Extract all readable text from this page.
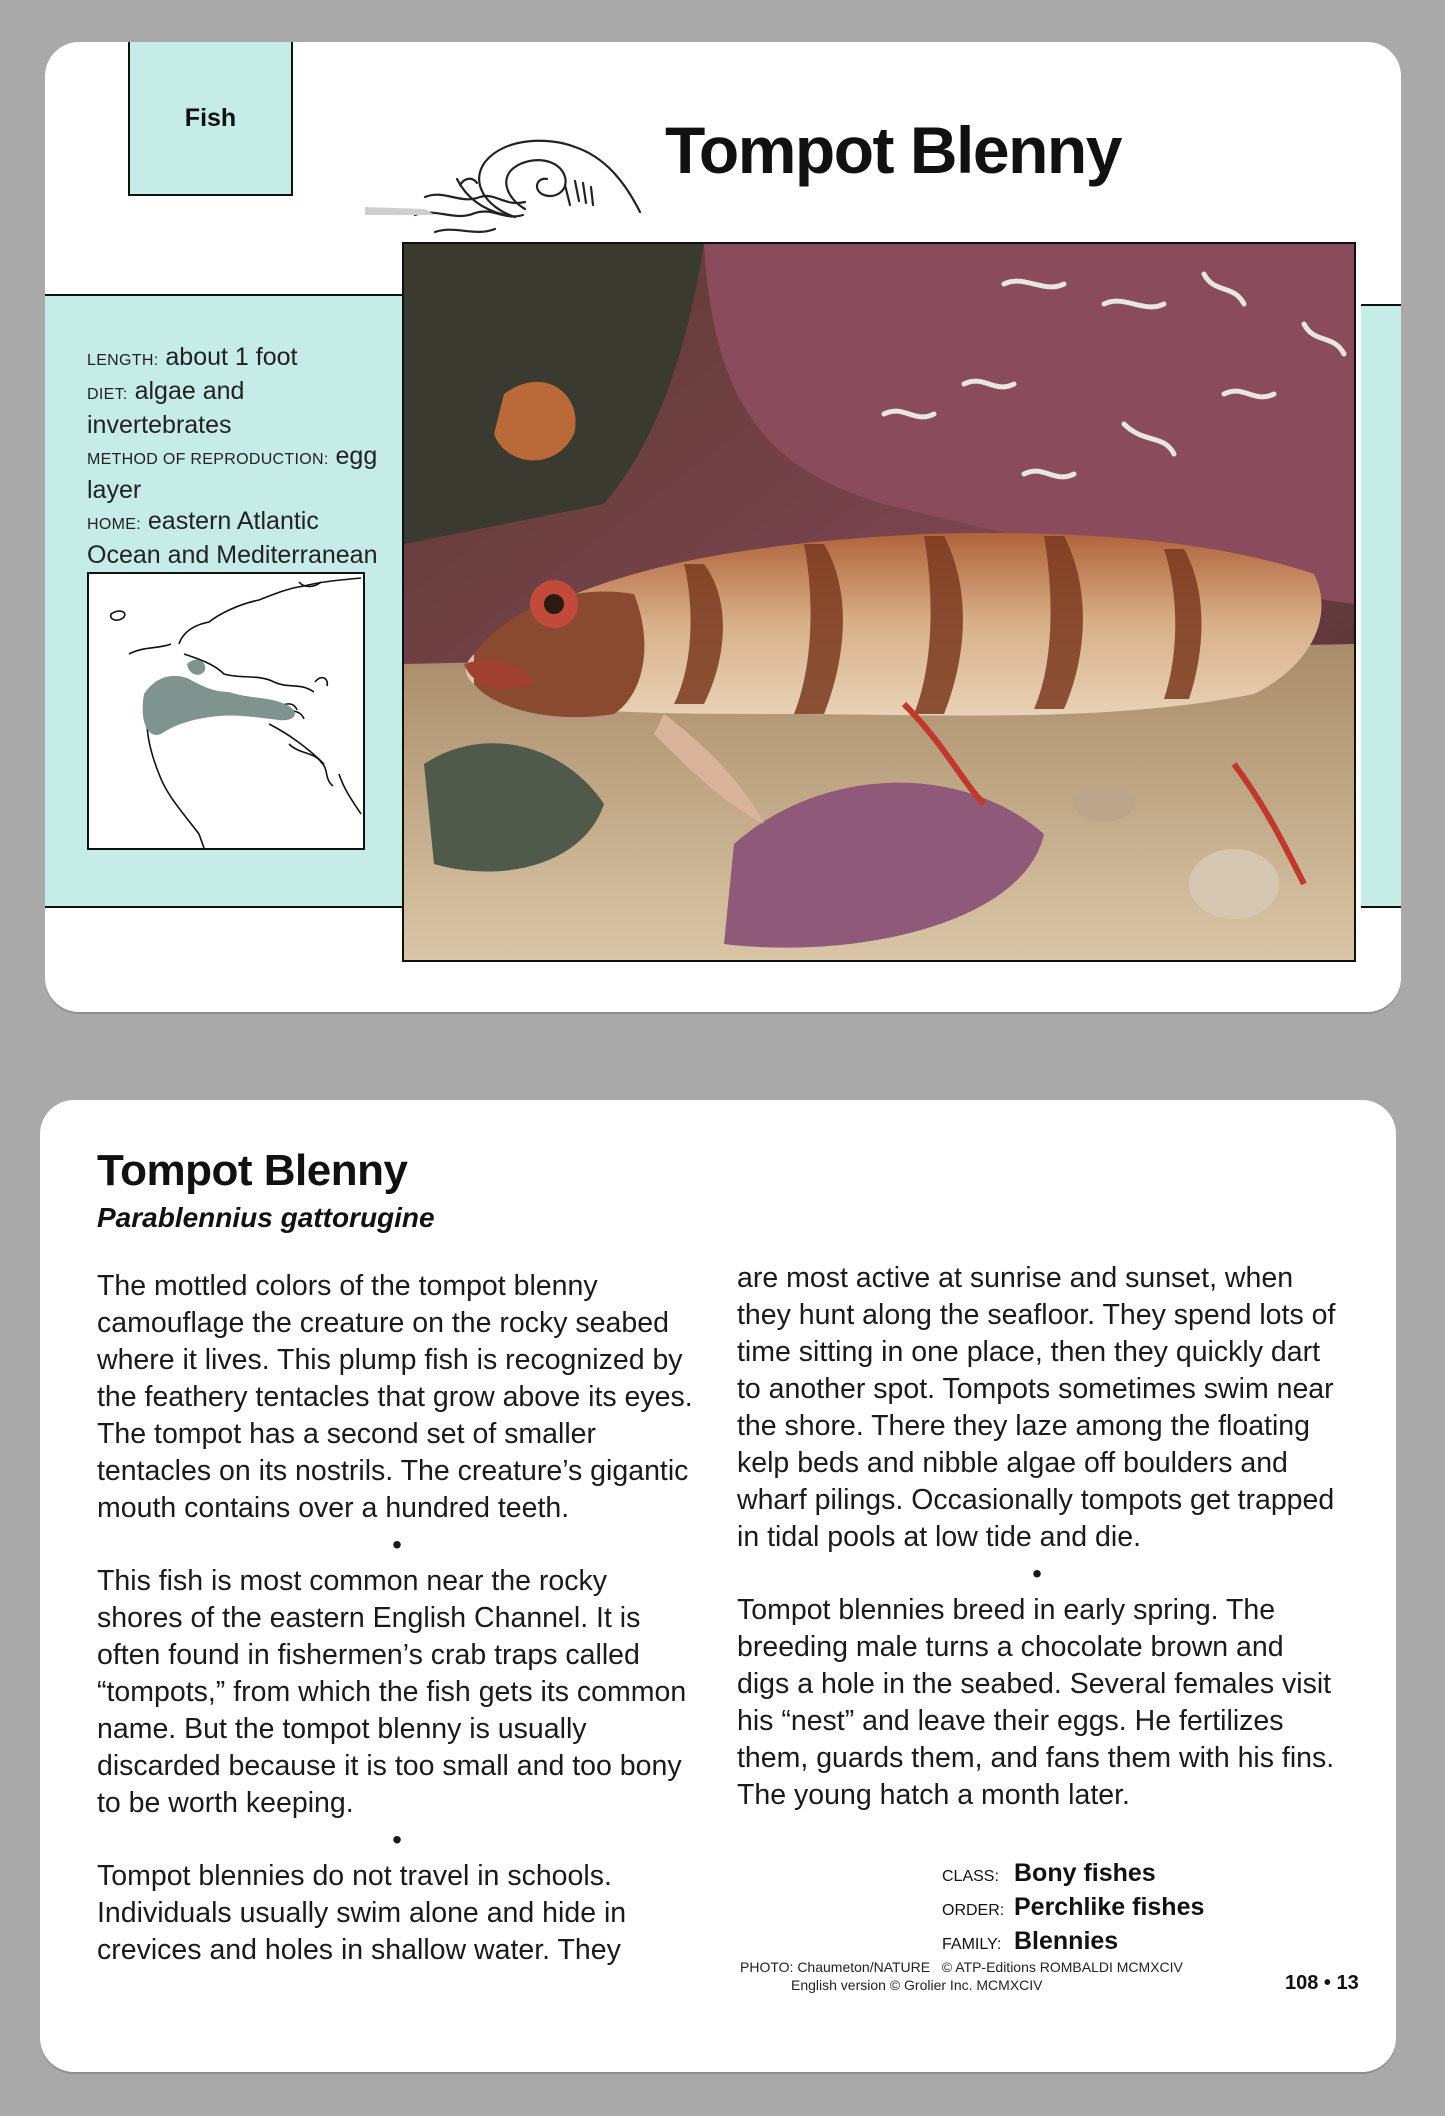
Fish	Tompot Blenny

LENGTH: about 1 foot

DIET: algae and invertebrates

METHOD OF REPRODUCTION: egg layer

HOME: eastern Atlantic Ocean and Mediterranean Sea

Tompot Blenny
Parablennius gattorugine

The mottled colors of the tompot blenny camouflage the creature on the rocky seabed where it lives. This plump fish is recognized by the feathery tentacles that grow above its eyes. The tompot has a second set of smaller tentacles on its nostrils. The creature’s gigantic mouth contains over a hundred teeth.

•

This fish is most common near the rocky shores of the eastern English Channel. It is often found in fishermen’s crab traps called “tompots,” from which the fish gets its common name. But the tompot blenny is usually discarded because it is too small and too bony to be worth keeping.

•

Tompot blennies do not travel in schools. Individuals usually swim alone and hide in crevices and holes in shallow water. They

are most active at sunrise and sunset, when they hunt along the seafloor. They spend lots of time sitting in one place, then they quickly dart to another spot. Tompots sometimes swim near the shore. There they laze among the floating kelp beds and nibble algae off boulders and wharf pilings. Occasionally tompots get trapped in tidal pools at low tide and die.

•

Tompot blennies breed in early spring. The breeding male turns a chocolate brown and digs a hole in the seabed. Several females visit his “nest” and leave their eggs. He fertilizes them, guards them, and fans them with his fins. The young hatch a month later.

CLASS: Bony fishes
ORDER: Perchlike fishes
FAMILY: Blennies
PHOTO: Chaumeton/NATURE © ATP-Editions ROMBALDI MCMXCIV
English version © Grolier Inc. MCMXCIV	108 • 13
